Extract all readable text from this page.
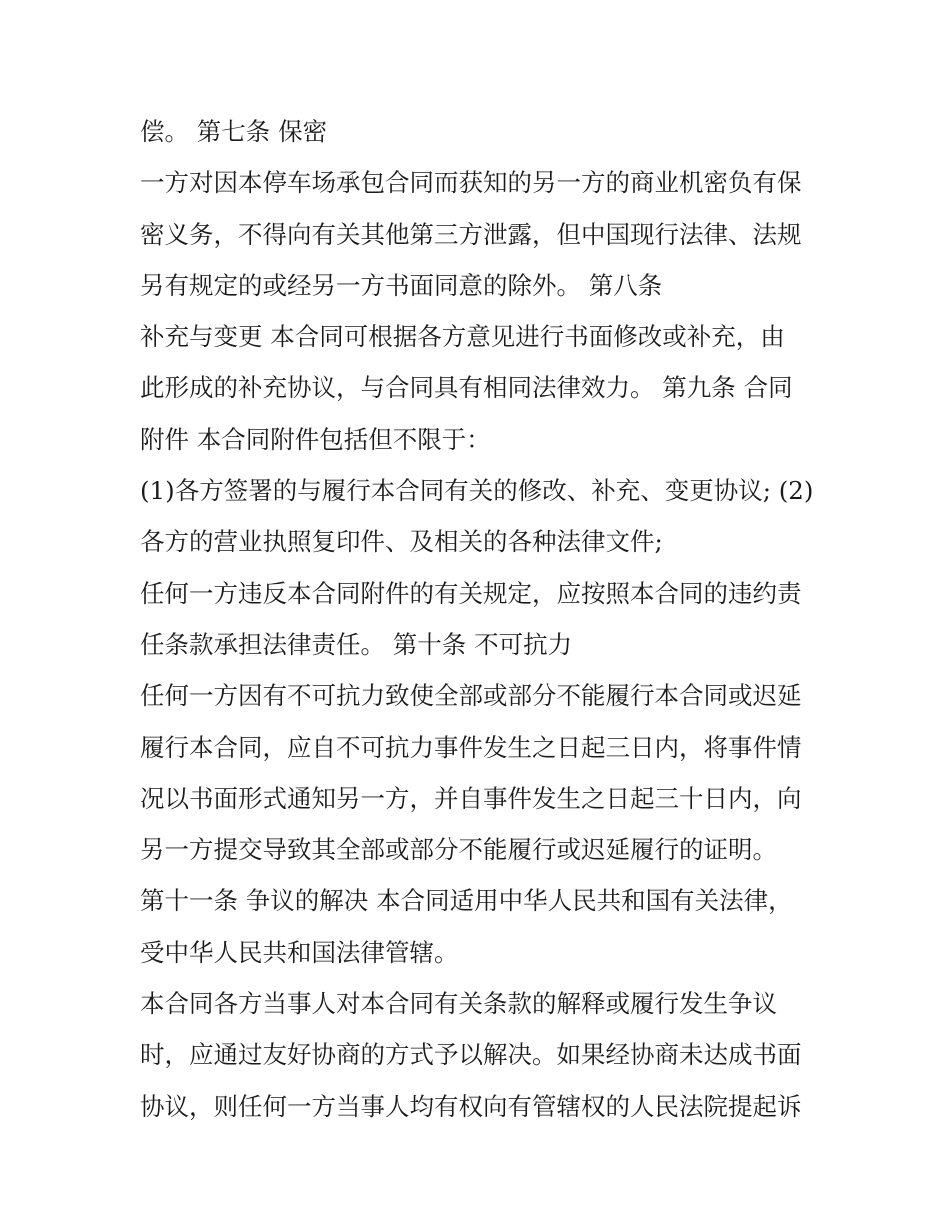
偿。 第七条 保密
一方对因本停车场承包合同而获知的另一方的商业机密负有保
密义务，不得向有关其他第三方泄露，但中国现行法律、法规
另有规定的或经另一方书面同意的除外。 第八条
补充与变更 本合同可根据各方意见进行书面修改或补充，由
此形成的补充协议，与合同具有相同法律效力。 第九条 合同
附件 本合同附件包括但不限于：
(1)各方签署的与履行本合同有关的修改、补充、变更协议; (2)
各方的营业执照复印件、及相关的各种法律文件;
任何一方违反本合同附件的有关规定，应按照本合同的违约责
任条款承担法律责任。 第十条 不可抗力
任何一方因有不可抗力致使全部或部分不能履行本合同或迟延
履行本合同，应自不可抗力事件发生之日起三日内，将事件情
况以书面形式通知另一方，并自事件发生之日起三十日内，向
另一方提交导致其全部或部分不能履行或迟延履行的证明。
第十一条 争议的解决 本合同适用中华人民共和国有关法律，
受中华人民共和国法律管辖。
本合同各方当事人对本合同有关条款的解释或履行发生争议
时，应通过友好协商的方式予以解决。如果经协商未达成书面
协议，则任何一方当事人均有权向有管辖权的人民法院提起诉
